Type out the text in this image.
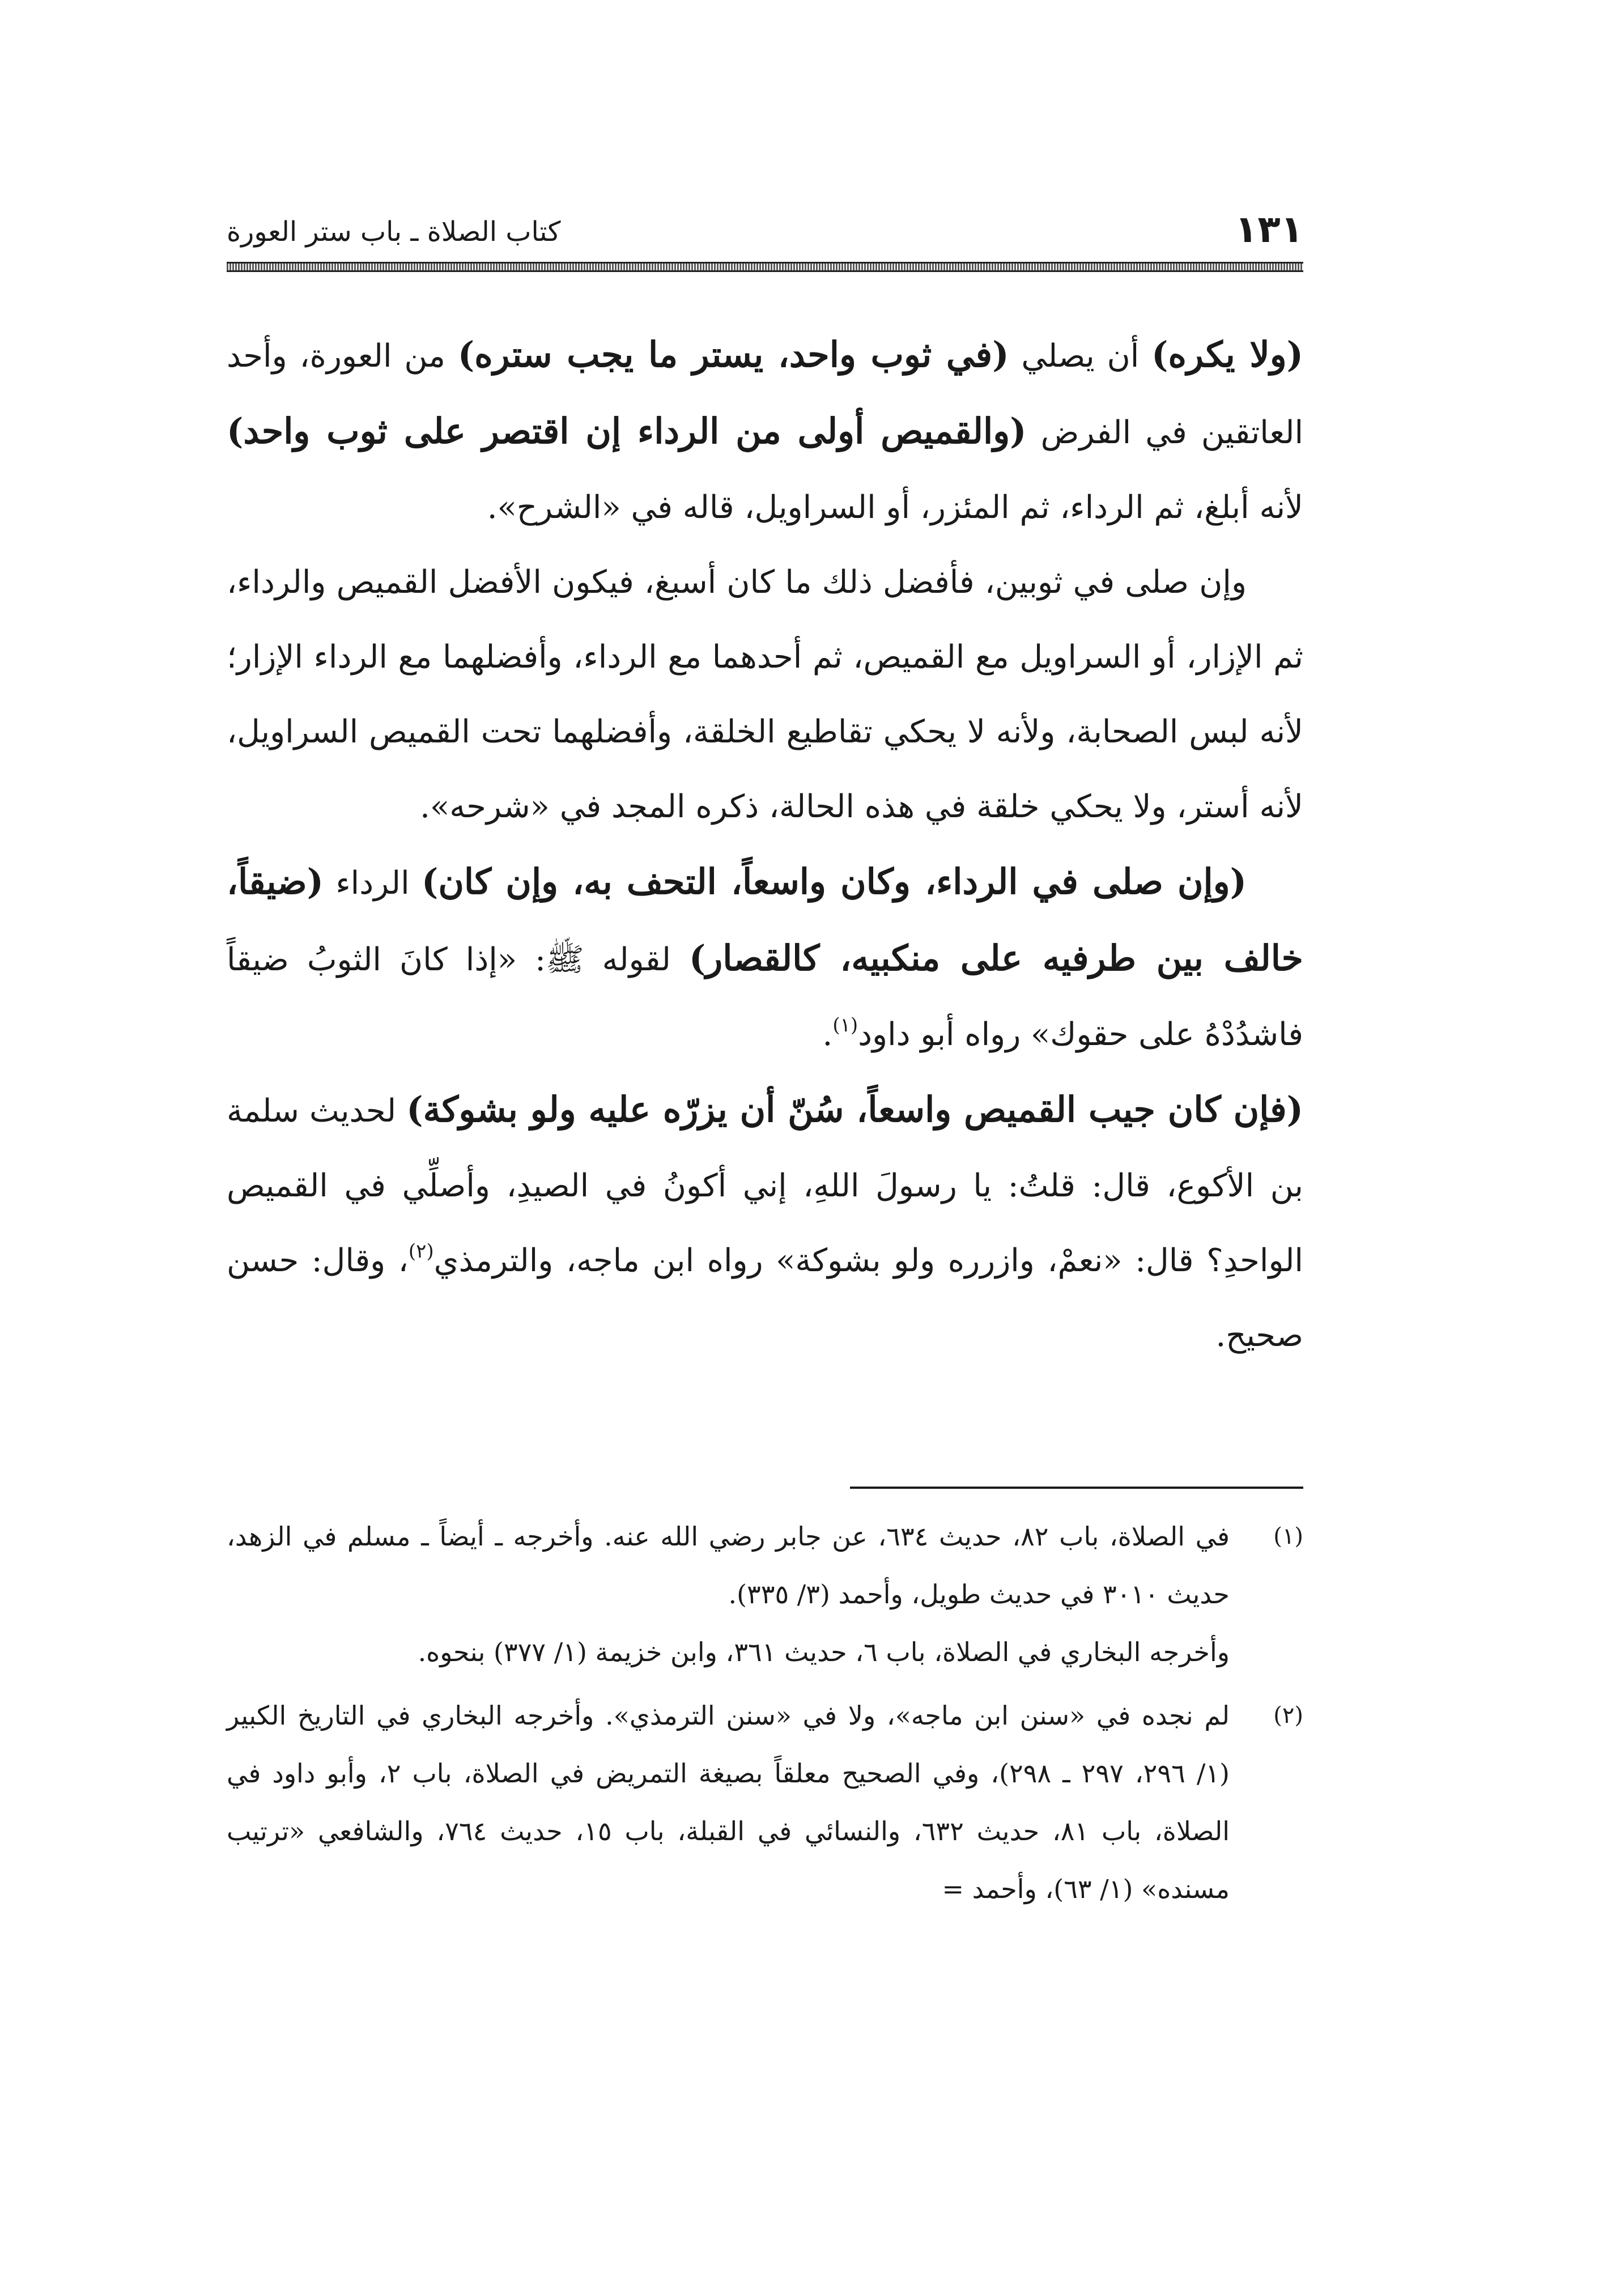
١٣١
كتاب الصلاة ـ باب ستر العورة

(ولا يكره) أن يصلي (في ثوب واحد، يستر ما يجب ستره) من العورة، وأحد العاتقين في الفرض (والقميص أولى من الرداء إن اقتصر على ثوب واحد) لأنه أبلغ، ثم الرداء، ثم المئزر، أو السراويل، قاله في «الشرح».

وإن صلى في ثوبين، فأفضل ذلك ما كان أسبغ، فيكون الأفضل القميص والرداء، ثم الإزار، أو السراويل مع القميص، ثم أحدهما مع الرداء، وأفضلهما مع الرداء الإزار؛ لأنه لبس الصحابة، ولأنه لا يحكي تقاطيع الخلقة، وأفضلهما تحت القميص السراويل، لأنه أستر، ولا يحكي خلقة في هذه الحالة، ذكره المجد في «شرحه».

(وإن صلى في الرداء، وكان واسعاً، التحف به، وإن كان) الرداء (ضيقاً، خالف بين طرفيه على منكبيه، كالقصار) لقوله ﷺ: «إذا كانَ الثوبُ ضيقاً فاشدُدْهُ على حقوك» رواه أبو داود$^{(١)}$.

(فإن كان جيب القميص واسعاً، سُنّ أن يزرّه عليه ولو بشوكة) لحديث سلمة بن الأكوع، قال: قلتُ: يا رسولَ اللهِ، إني أكونُ في الصيدِ، وأصلِّي في القميص الواحدِ؟ قال: «نعمْ، وازرره ولو بشوكة» رواه ابن ماجه، والترمذي$^{(٢)}$، وقال: حسن صحيح.

(١)

في الصلاة، باب ٨٢، حديث ٦٣٤، عن جابر رضي الله عنه. وأخرجه ـ أيضاً ـ مسلم في الزهد، حديث ٣٠١٠ في حديث طويل، وأحمد (٣/ ٣٣٥).

وأخرجه البخاري في الصلاة، باب ٦، حديث ٣٦١، وابن خزيمة (١/ ٣٧٧) بنحوه.

(٢)

لم نجده في «سنن ابن ماجه»، ولا في «سنن الترمذي». وأخرجه البخاري في التاريخ الكبير (١/ ٢٩٦، ٢٩٧ ـ ٢٩٨)، وفي الصحيح معلقاً بصيغة التمريض في الصلاة، باب ٢، وأبو داود في الصلاة، باب ٨١، حديث ٦٣٢، والنسائي في القبلة، باب ١٥، حديث ٧٦٤، والشافعي «ترتيب مسنده» (١/ ٦٣)، وأحمد =
